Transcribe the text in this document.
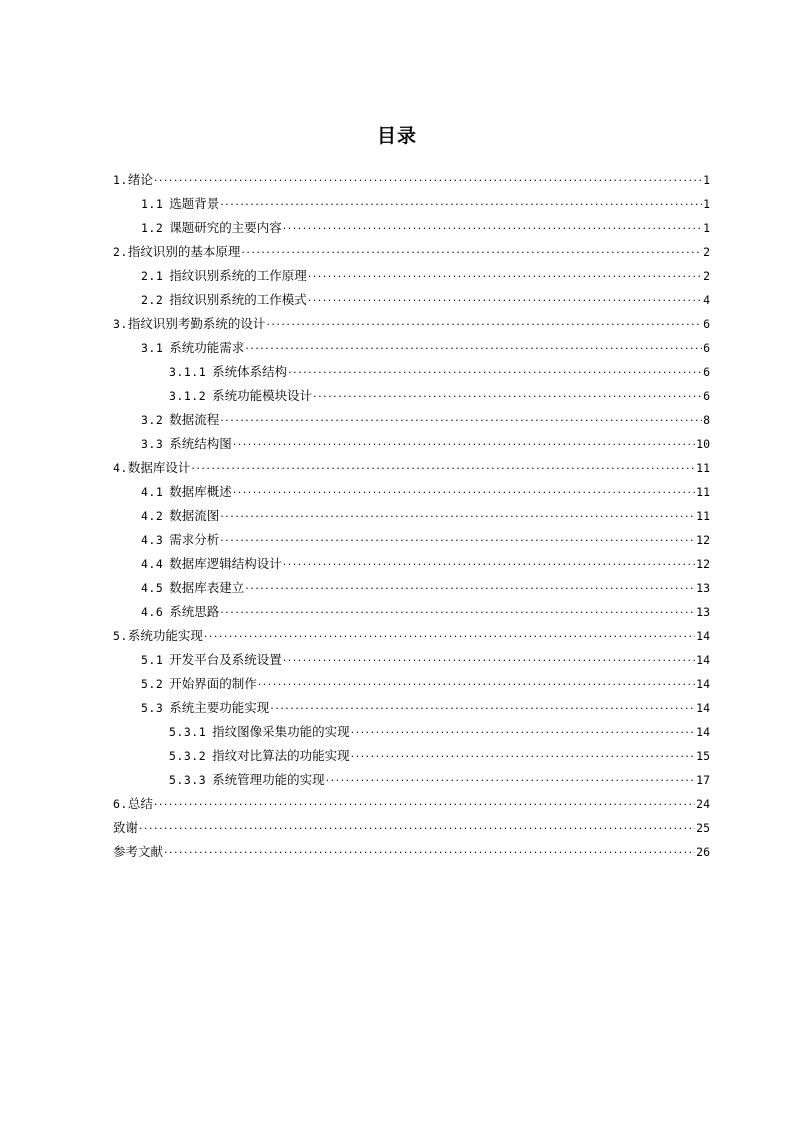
目录
1. 绪论 ·····	1
1.1 选题背景 ·····	1
1.2 课题研究的主要内容 ·····	1
2. 指纹识别的基本原理 ·····	2
2.1 指纹识别系统的工作原理 ·····	2
2.2 指纹识别系统的工作模式 ·····	4
3. 指纹识别考勤系统的设计 ·····	6
3.1 系统功能需求 ·····	6
3.1.1 系统体系结构 ·····	6
3.1.2 系统功能模块设计 ·····	6
3.2 数据流程 ·····	8
3.3 系统结构图 ·····	10
4. 数据库设计 ·····	11
4.1 数据库概述 ·····	11
4.2 数据流图 ·····	11
4.3 需求分析 ·····	12
4.4 数据库逻辑结构设计 ·····	12
4.5 数据库表建立 ·····	13
4.6 系统思路 ·····	13
5. 系统功能实现 ·····	14
5.1 开发平台及系统设置 ·····	14
5.2 开始界面的制作 ·····	14
5.3 系统主要功能实现 ·····	14
5.3.1 指纹图像采集功能的实现 ·····	14
5.3.2 指纹对比算法的功能实现 ·····	15
5.3.3 系统管理功能的实现 ·····	17
6. 总结 ·····	24
致谢 ·····	25
参考文献 ·····	26
